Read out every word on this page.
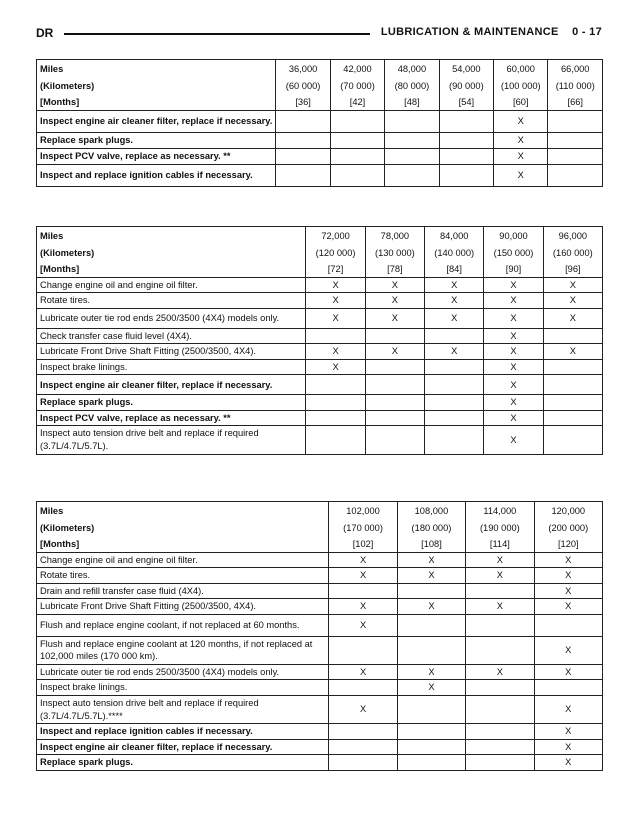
DR	LUBRICATION & MAINTENANCE 0 - 17
Miles	36,000	42,000	48,000	54,000	60,000	66,000
(Kilometers)	(60 000)	(70 000)	(80 000)	(90 000)	(100 000)	(110 000)
[Months]	[36]	[42]	[48]	[54]	[60]	[66]
Inspect engine air cleaner filter, replace if necessary.					X	
Replace spark plugs.					X	
Inspect PCV valve, replace as necessary. **					X	
Inspect and replace ignition cables if necessary.					X	
Miles	72,000	78,000	84,000	90,000	96,000
(Kilometers)	(120 000)	(130 000)	(140 000)	(150 000)	(160 000)
[Months]	[72]	[78]	[84]	[90]	[96]
Change engine oil and engine oil filter.	X	X	X	X	X
Rotate tires.	X	X	X	X	X
Lubricate outer tie rod ends 2500/3500 (4X4) models only.	X	X	X	X	X
Check transfer case fluid level (4X4).				X	
Lubricate Front Drive Shaft Fitting (2500/3500, 4X4).	X	X	X	X	X
Inspect brake linings.	X			X	
Inspect engine air cleaner filter, replace if necessary.				X	
Replace spark plugs.				X	
Inspect PCV valve, replace as necessary. **				X	
Inspect auto tension drive belt and replace if required (3.7L/4.7L/5.7L).				X	
Miles	102,000	108,000	114,000	120,000
(Kilometers)	(170 000)	(180 000)	(190 000)	(200 000)
[Months]	[102]	[108]	[114]	[120]
Change engine oil and engine oil filter.	X	X	X	X
Rotate tires.	X	X	X	X
Drain and refill transfer case fluid (4X4).				X
Lubricate Front Drive Shaft Fitting (2500/3500, 4X4).	X	X	X	X
Flush and replace engine coolant, if not replaced at 60 months.	X			
Flush and replace engine coolant at 120 months, if not replaced at 102,000 miles (170 000 km).				X
Lubricate outer tie rod ends 2500/3500 (4X4) models only.	X	X	X	X
Inspect brake linings.		X		
Inspect auto tension drive belt and replace if required (3.7L/4.7L/5.7L).****	X			X
Inspect and replace ignition cables if necessary.				X
Inspect engine air cleaner filter, replace if necessary.				X
Replace spark plugs.				X
